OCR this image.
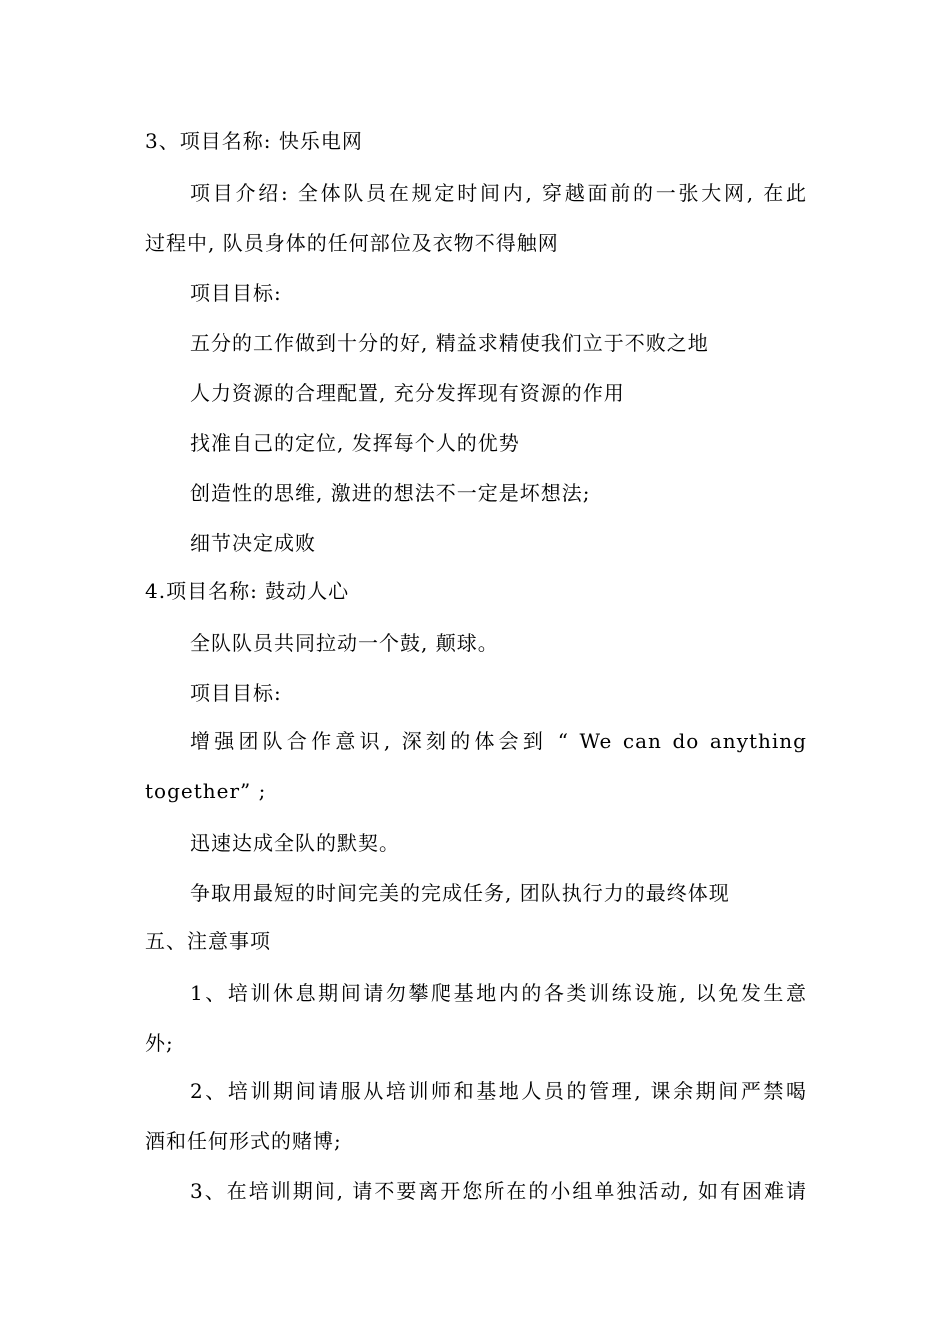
3、项目名称: 快乐电网
项目介绍: 全体队员在规定时间内, 穿越面前的一张大网, 在此
过程中, 队员身体的任何部位及衣物不得触网
项目目标:
五分的工作做到十分的好, 精益求精使我们立于不败之地
人力资源的合理配置, 充分发挥现有资源的作用
找准自己的定位, 发挥每个人的优势
创造性的思维, 激进的想法不一定是坏想法;
细节决定成败
4.项目名称: 鼓动人心
全队队员共同拉动一个鼓, 颠球。
项目目标:
增强团队合作意识, 深刻的体会到 “ We can do anything
together” ;
迅速达成全队的默契。
争取用最短的时间完美的完成任务, 团队执行力的最终体现
五、注意事项
1、培训休息期间请勿攀爬基地内的各类训练设施, 以免发生意
外;
2、培训期间请服从培训师和基地人员的管理, 课余期间严禁喝
酒和任何形式的赌博;
3、在培训期间, 请不要离开您所在的小组单独活动, 如有困难请
